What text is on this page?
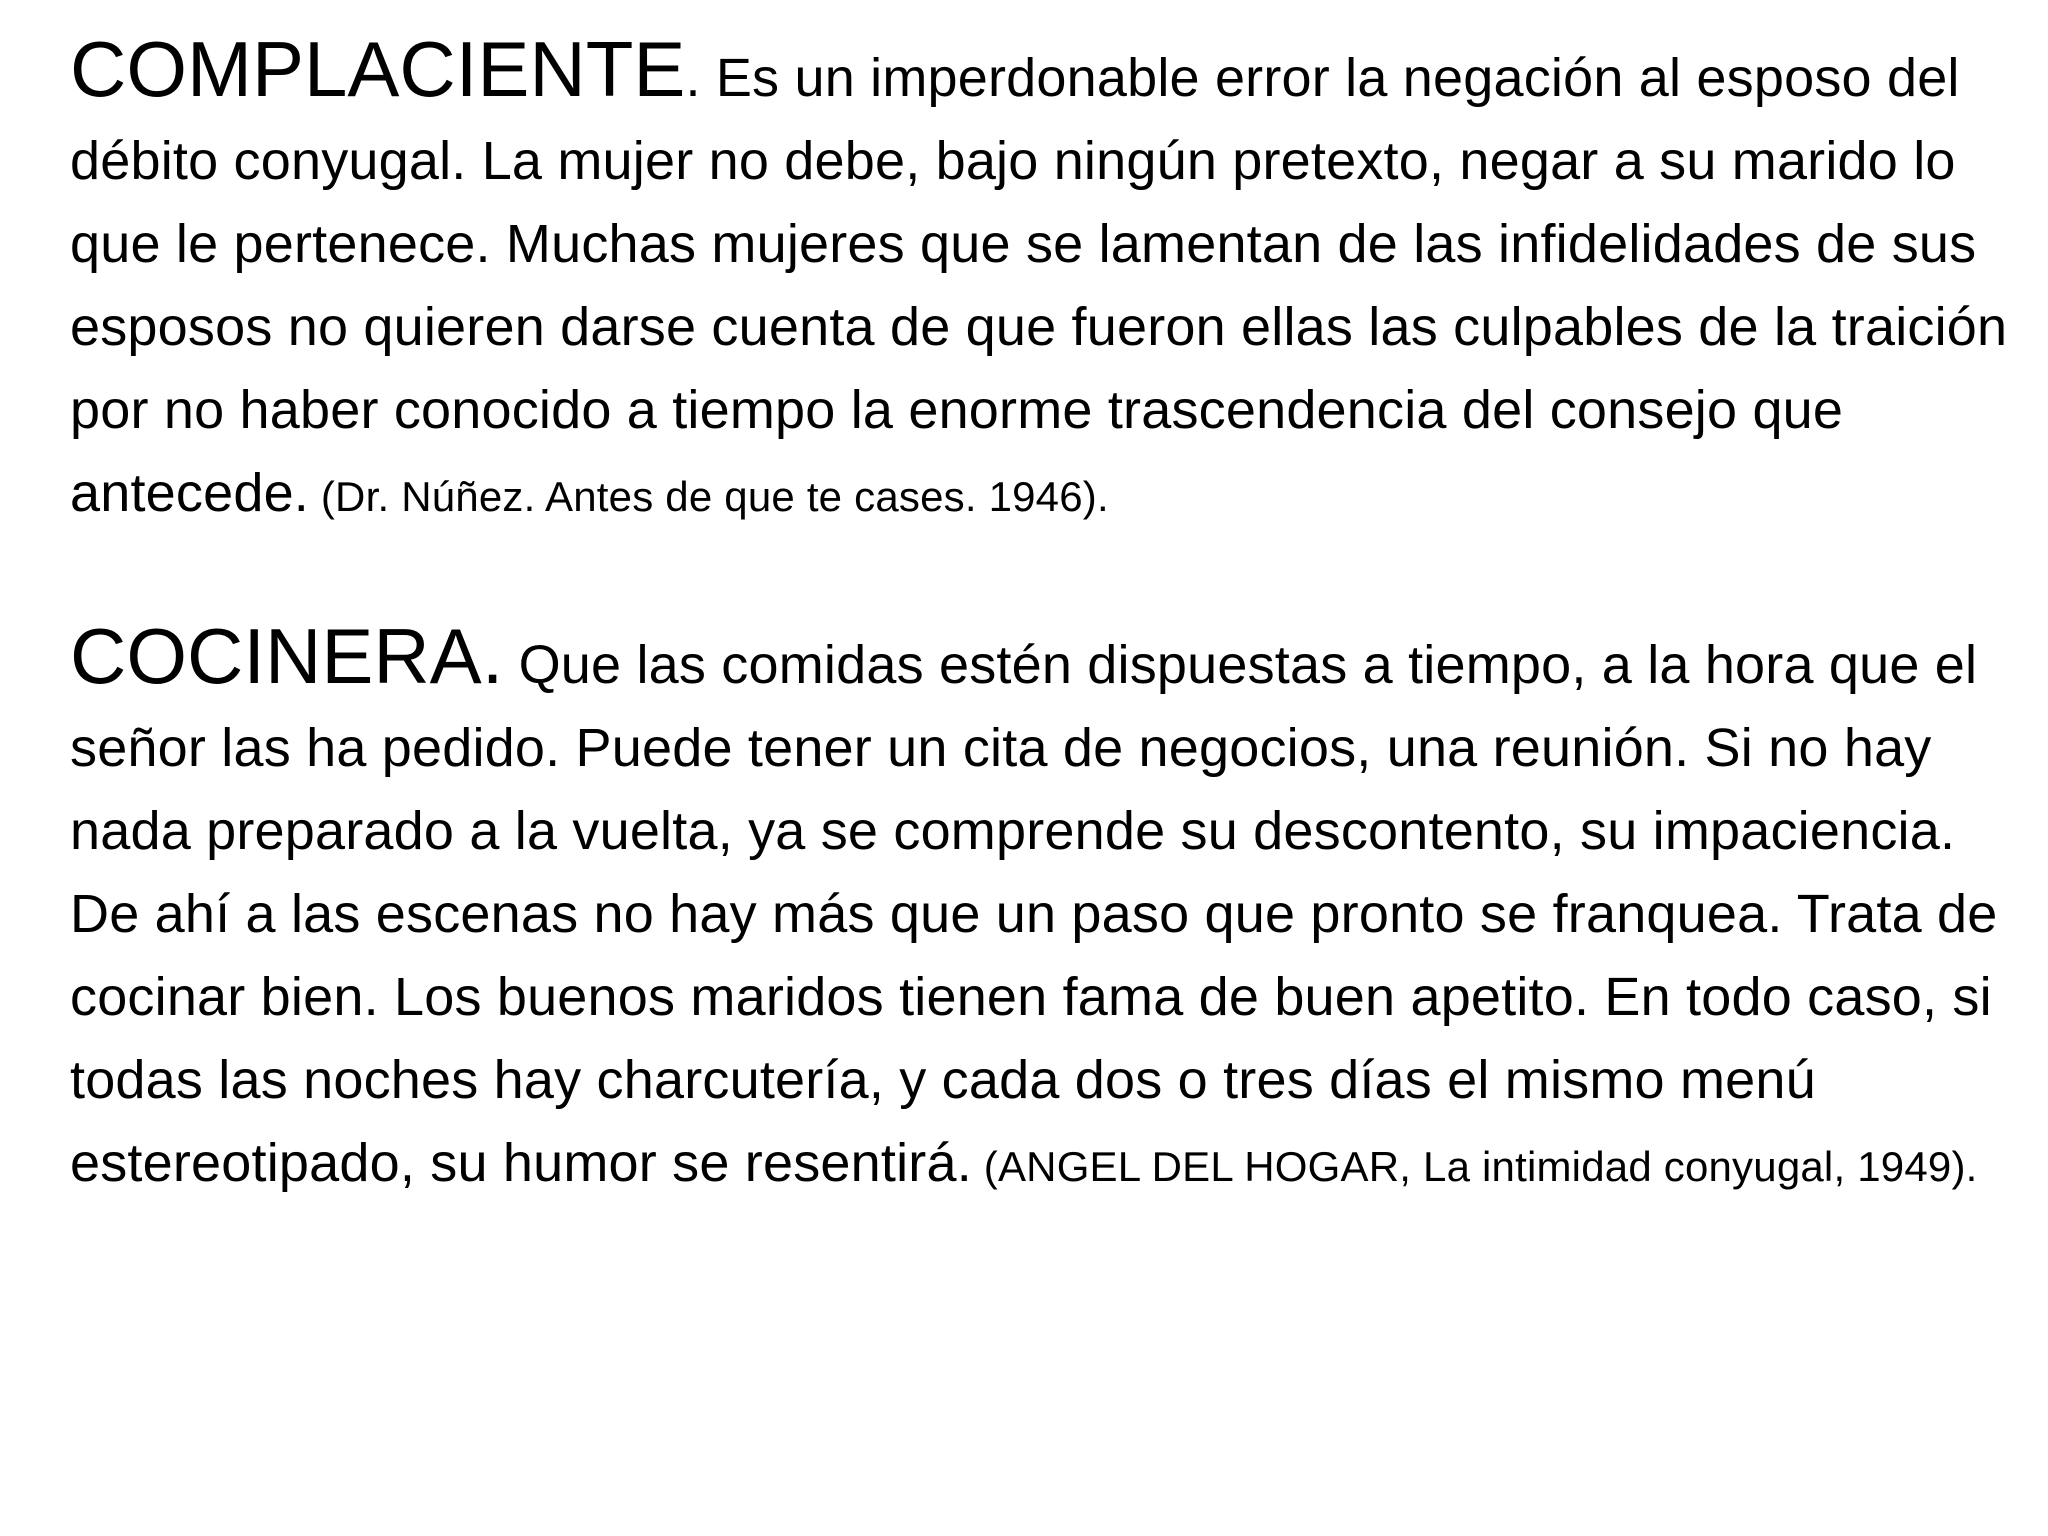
COMPLACIENTE. Es un imperdonable error la negación al esposo del débito conyugal. La mujer no debe, bajo ningún pretexto, negar a su marido lo que le pertenece. Muchas mujeres que se lamentan de las infidelidades de sus esposos no quieren darse cuenta de que fueron ellas las culpables de la traición por no haber conocido a tiempo la enorme trascendencia del consejo que antecede. (Dr. Núñez. Antes de que te cases. 1946).

COCINERA. Que las comidas estén dispuestas a tiempo, a la hora que el señor las ha pedido. Puede tener un cita de negocios, una reunión. Si no hay nada preparado a la vuelta, ya se comprende su descontento, su impaciencia. De ahí a las escenas no hay más que un paso que pronto se franquea. Trata de cocinar bien. Los buenos maridos tienen fama de buen apetito. En todo caso, si todas las noches hay charcutería, y cada dos o tres días el mismo menú estereotipado, su humor se resentirá. (ANGEL DEL HOGAR, La intimidad conyugal, 1949).
